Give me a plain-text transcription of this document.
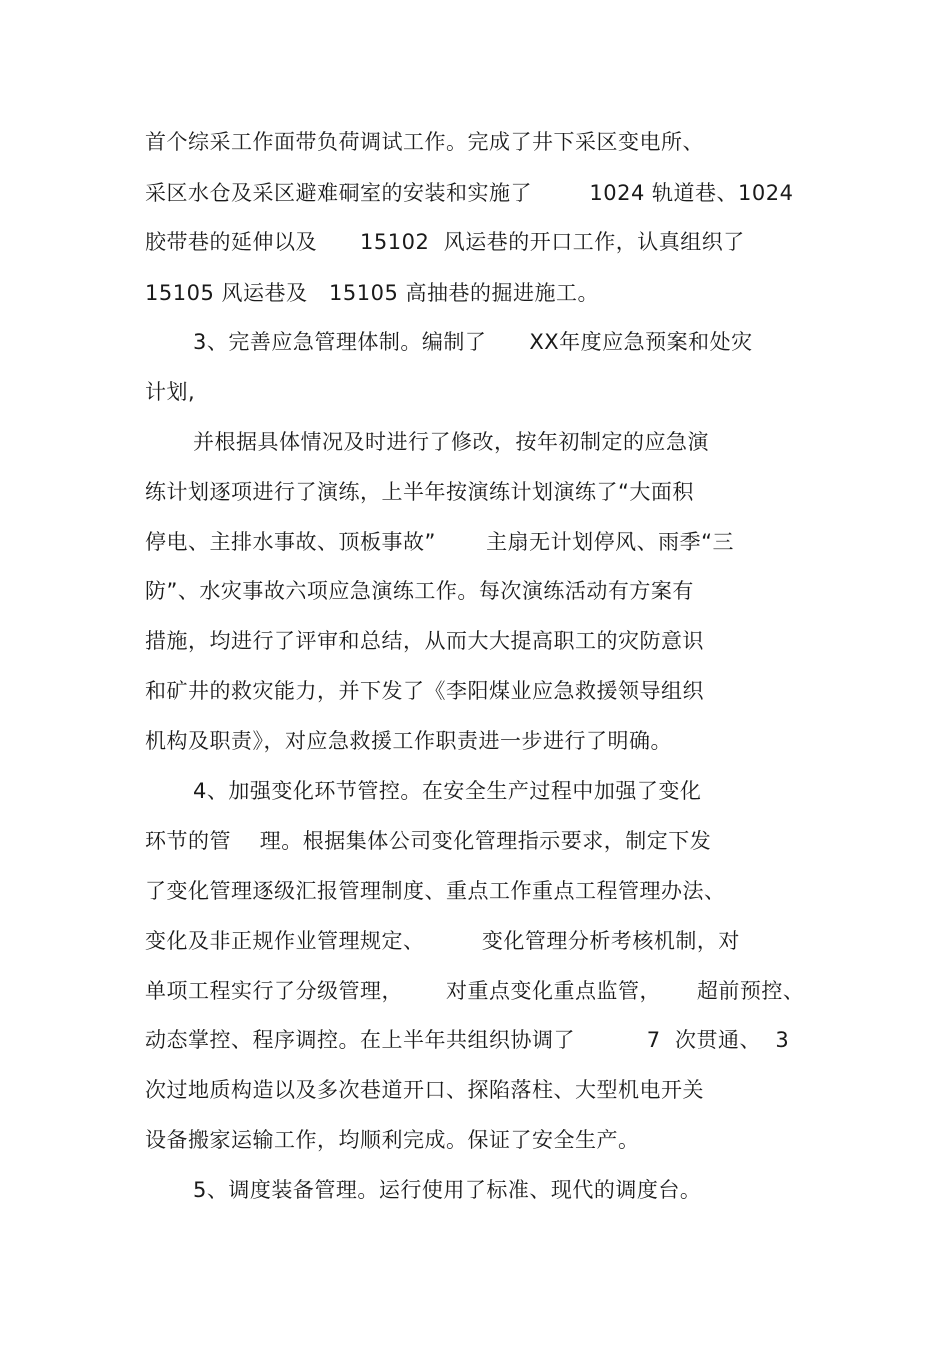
首个综采工作面带负荷调试工作。完成了井下采区变电所、
采区水仓及采区避难硐室的安装和实施了        1024 轨道巷、1024
胶带巷的延伸以及      15102  风运巷的开口工作，认真组织了
15105 风运巷及   15105 高抽巷的掘进施工。
3、完善应急管理体制。编制了      XX年度应急预案和处灾
计划,
并根据具体情况及时进行了修改，按年初制定的应急演
练计划逐项进行了演练，上半年按演练计划演练了“大面积
停电、主排水事故、顶板事故”       主扇无计划停风、雨季“三
防”、水灾事故六项应急演练工作。每次演练活动有方案有
措施，均进行了评审和总结，从而大大提高职工的灾防意识
和矿井的救灾能力，并下发了《李阳煤业应急救援领导组织
机构及职责》，对应急救援工作职责进一步进行了明确。
4、加强变化环节管控。在安全生产过程中加强了变化
环节的管    理。根据集体公司变化管理指示要求，制定下发
了变化管理逐级汇报管理制度、重点工作重点工程管理办法、
变化及非正规作业管理规定、        变化管理分析考核机制，对
单项工程实行了分级管理，      对重点变化重点监管，     超前预控、
动态掌控、程序调控。在上半年共组织协调了          7  次贯通、  3
次过地质构造以及多次巷道开口、探陷落柱、大型机电开关
设备搬家运输工作，均顺利完成。保证了安全生产。
5、调度装备管理。运行使用了标准、现代的调度台。
